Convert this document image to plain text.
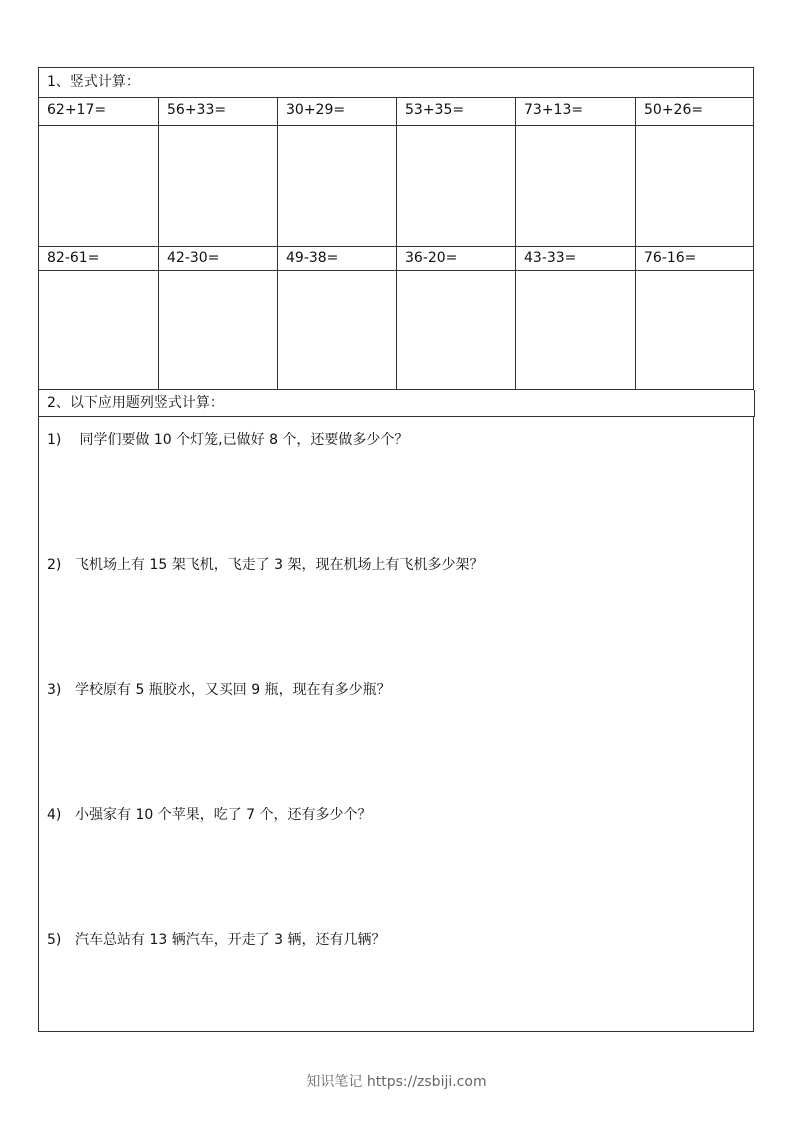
1、竖式计算：
62+17=	56+33=	30+29=	53+35=	73+13=	50+26=
82-61=	42-30=	49-38=	36-20=	43-33=	76-16=
2、以下应用题列竖式计算：
1) 同学们要做 10 个灯笼,已做好 8 个，还要做多少个？
2) 飞机场上有 15 架飞机，飞走了 3 架，现在机场上有飞机多少架？
3) 学校原有 5 瓶胶水，又买回 9 瓶，现在有多少瓶？
4) 小强家有 10 个苹果，吃了 7 个，还有多少个？
5) 汽车总站有 13 辆汽车，开走了 3 辆，还有几辆？
知识笔记 https://zsbiji.com
